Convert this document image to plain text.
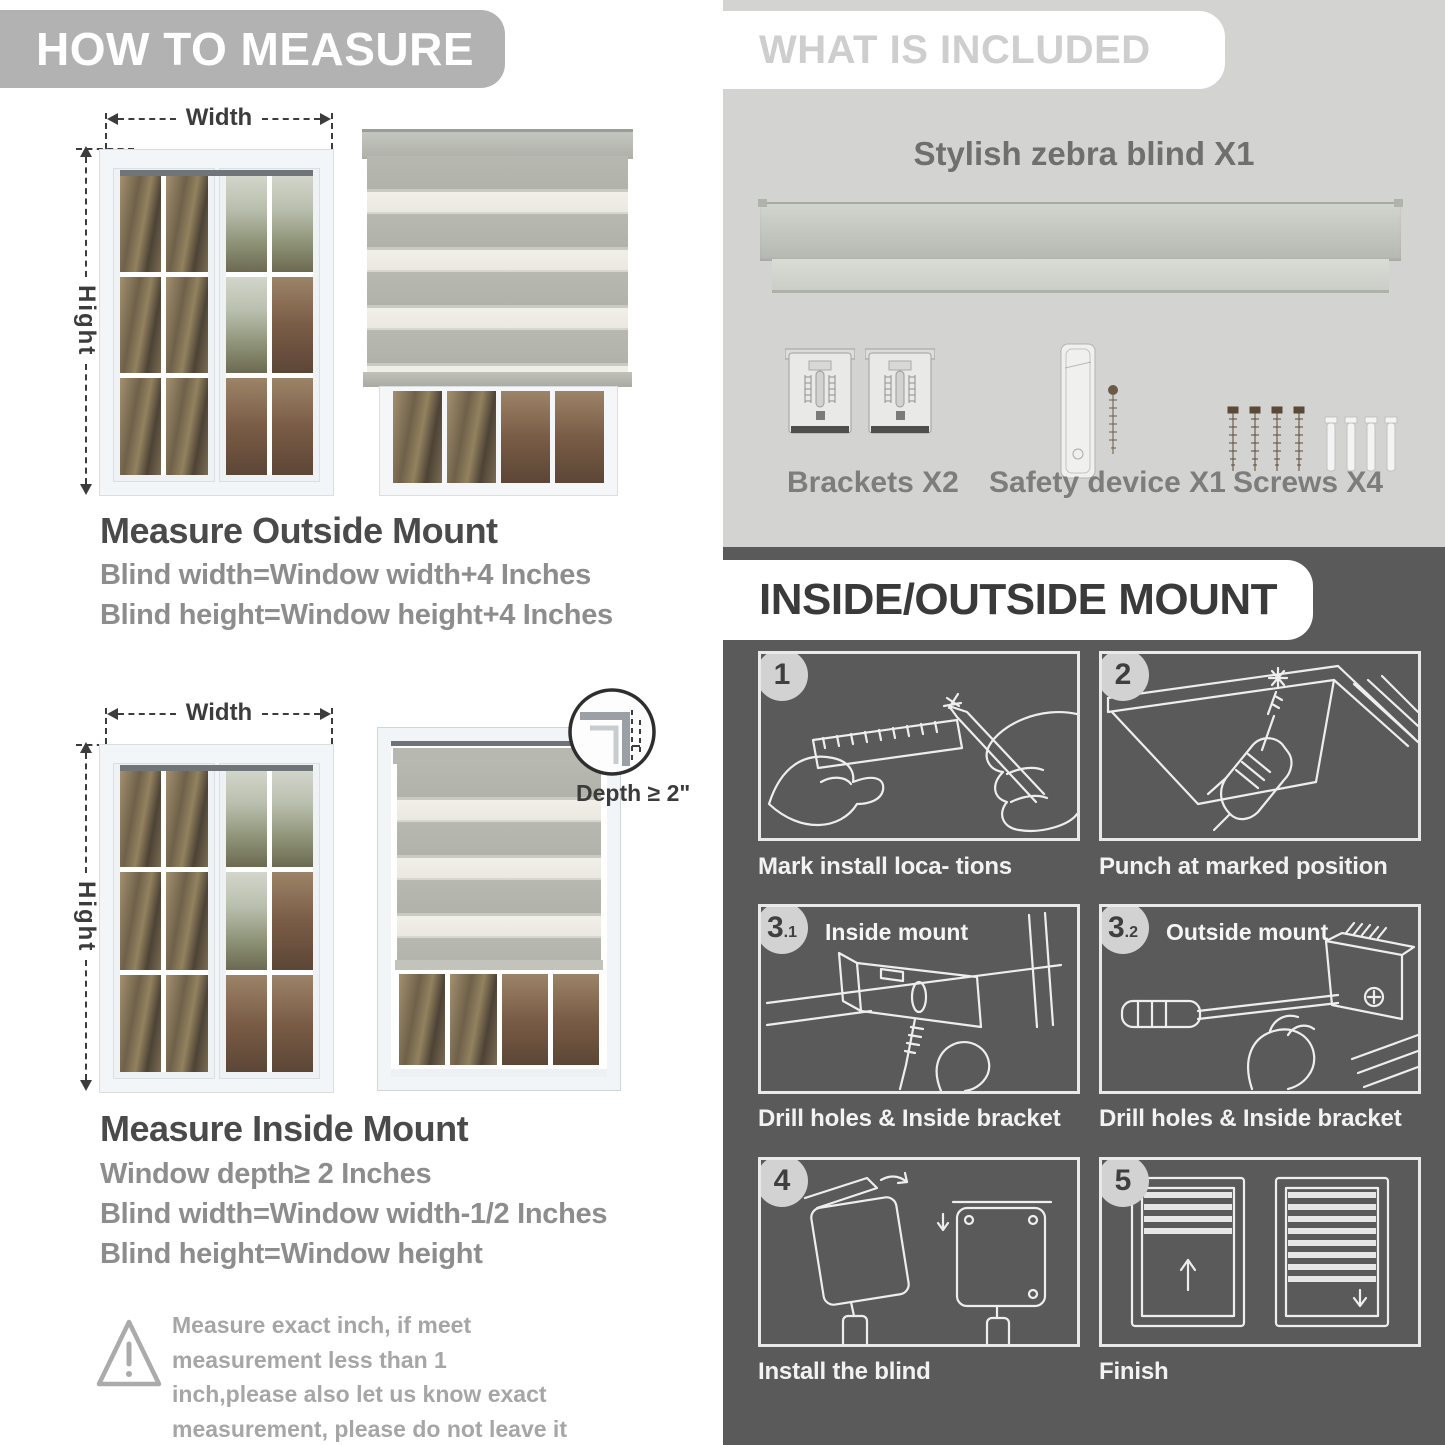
HOW TO MEASURE
Width
Hight
Measure Outside Mount

Blind width=Window width+4 Inches

Blind height=Window height+4 Inches

Width
Hight
Depth ≥ 2"
Measure Inside Mount

Window depth≥ 2 Inches

Blind width=Window width-1/2 Inches

Blind height=Window height

Measure exact inch, if meet measurement less than 1 inch,please also let us know exact measurement, please do not leave it

WHAT IS INCLUDED
Stylish zebra blind X1
Brackets X2 Safety device X1 Screws X4
INSIDE/OUTSIDE MOUNT
1

Mark install loca- tions

2

Punch at marked position

3 .1 Inside mount

Drill holes & Inside bracket

3 .2 Outside mount

Drill holes & Inside bracket

4

Install the blind

5

Finish
